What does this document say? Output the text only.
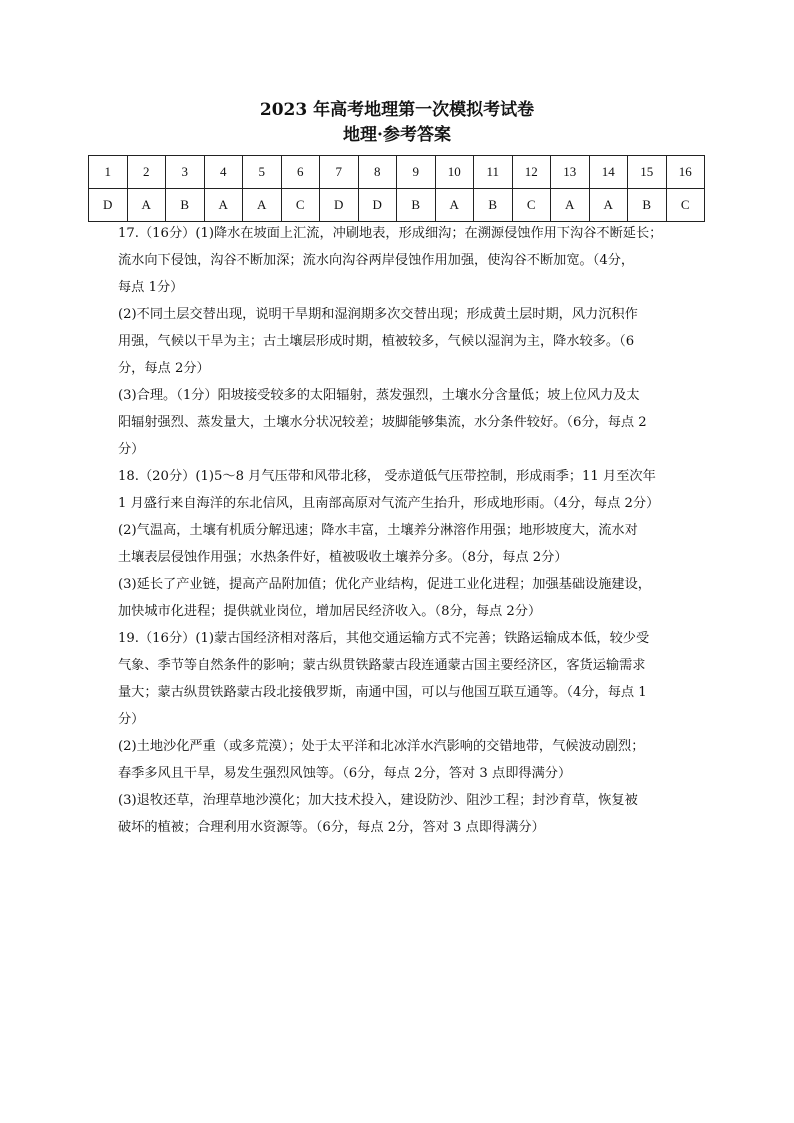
2023 年高考地理第一次模拟考试卷
地理·参考答案
1	2	3	4	5	6	7	8	9	10	11	12	13	14	15	16
D	A	B	A	A	C	D	D	B	A	B	C	A	A	B	C
17.（16分）(1)降水在坡面上汇流，冲刷地表，形成细沟；在溯源侵蚀作用下沟谷不断延长；
流水向下侵蚀，沟谷不断加深；流水向沟谷两岸侵蚀作用加强，使沟谷不断加宽。（4分，
每点 1分）
(2)不同土层交替出现，说明干旱期和湿润期多次交替出现；形成黄土层时期，风力沉积作
用强，气候以干旱为主；古土壤层形成时期，植被较多，气候以湿润为主，降水较多。（6
分，每点 2分）
(3)合理。（1分）阳坡接受较多的太阳辐射，蒸发强烈，土壤水分含量低；坡上位风力及太
阳辐射强烈、蒸发量大，土壤水分状况较差；坡脚能够集流，水分条件较好。（6分，每点 2
分）
18.（20分）(1)5～8 月气压带和风带北移， 受赤道低气压带控制，形成雨季；11 月至次年
1 月盛行来自海洋的东北信风，且南部高原对气流产生抬升，形成地形雨。（4分，每点 2分）
(2)气温高，土壤有机质分解迅速；降水丰富，土壤养分淋溶作用强；地形坡度大，流水对
土壤表层侵蚀作用强；水热条件好，植被吸收土壤养分多。（8分，每点 2分）
(3)延长了产业链，提高产品附加值；优化产业结构，促进工业化进程；加强基础设施建设，
加快城市化进程；提供就业岗位，增加居民经济收入。（8分，每点 2分）
19.（16分）(1)蒙古国经济相对落后，其他交通运输方式不完善；铁路运输成本低，较少受
气象、季节等自然条件的影响；蒙古纵贯铁路蒙古段连通蒙古国主要经济区，客货运输需求
量大；蒙古纵贯铁路蒙古段北接俄罗斯，南通中国，可以与他国互联互通等。（4分，每点 1
分）
(2)土地沙化严重（或多荒漠）；处于太平洋和北冰洋水汽影响的交错地带，气候波动剧烈；
春季多风且干旱，易发生强烈风蚀等。（6分，每点 2分，答对 3 点即得满分）
(3)退牧还草，治理草地沙漠化；加大技术投入，建设防沙、阻沙工程；封沙育草，恢复被
破坏的植被；合理利用水资源等。（6分，每点 2分，答对 3 点即得满分）
